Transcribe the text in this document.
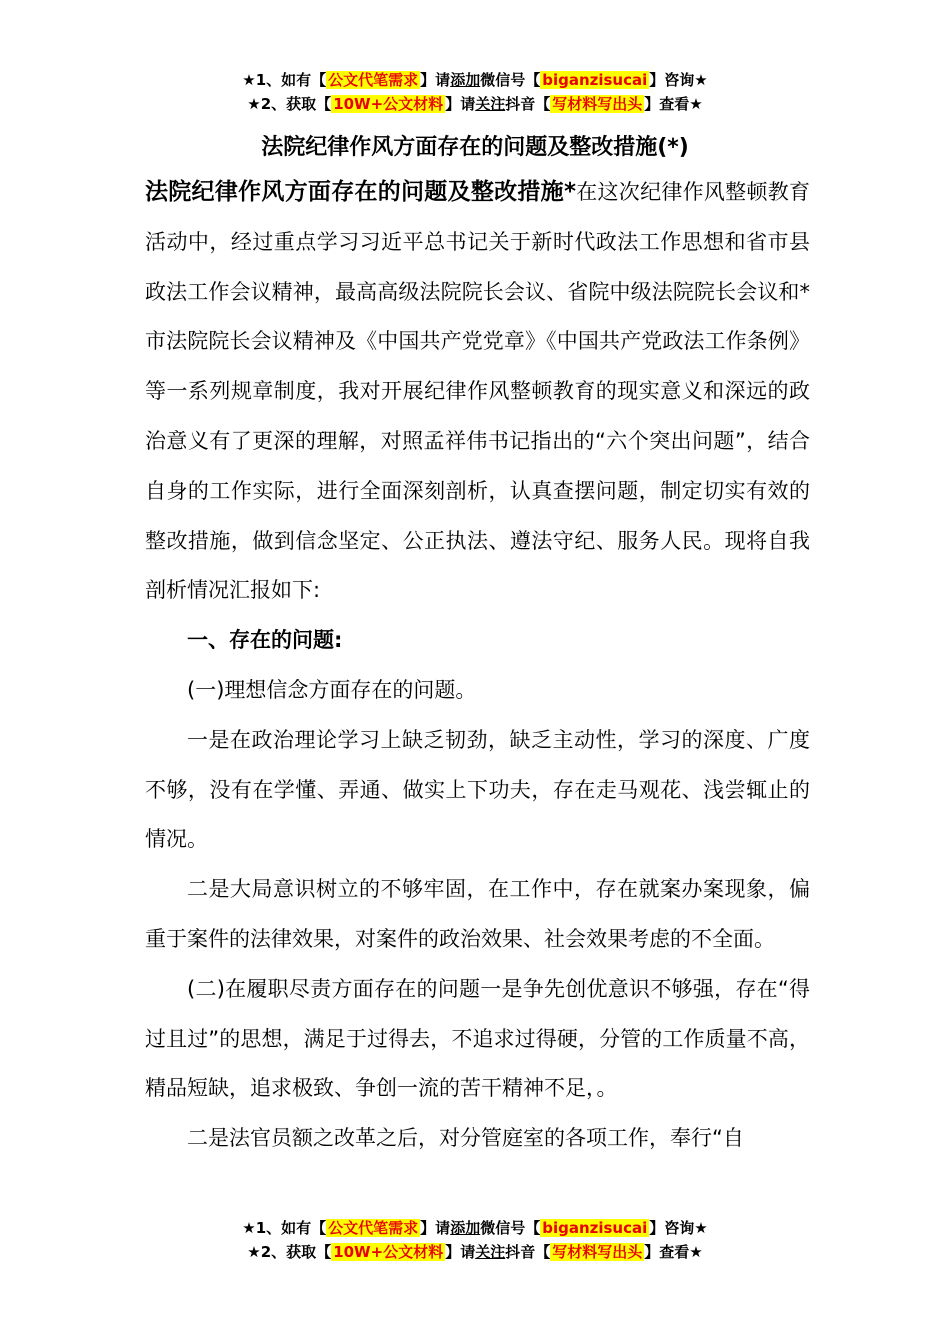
★1、如有【 公文代笔需求 】请添加微信号【 biganzisucai 】咨询★
★2、获取【 10W+公文材料 】请关注抖音【 写材料写出头 】查看★
法院纪律作风方面存在的问题及整改措施(*)

法院纪律作风方面存在的问题及整改措施*在这次纪律作风整顿教育活动中，经过重点学习习近平总书记关于新时代政法工作思想和省市县政法工作会议精神，最高高级法院院长会议、省院中级法院院长会议和*市法院院长会议精神及《中国共产党党章》《中国共产党政法工作条例》等一系列规章制度，我对开展纪律作风整顿教育的现实意义和深远的政治意义有了更深的理解，对照孟祥伟书记指出的“六个突出问题”，结合自身的工作实际，进行全面深刻剖析，认真查摆问题，制定切实有效的整改措施，做到信念坚定、公正执法、遵法守纪、服务人民。现将自我剖析情况汇报如下:

一、存在的问题:

(一)理想信念方面存在的问题。

一是在政治理论学习上缺乏韧劲，缺乏主动性，学习的深度、广度不够，没有在学懂、弄通、做实上下功夫，存在走马观花、浅尝辄止的情况。

二是大局意识树立的不够牢固，在工作中，存在就案办案现象，偏重于案件的法律效果，对案件的政治效果、社会效果考虑的不全面。

(二)在履职尽责方面存在的问题一是争先创优意识不够强，存在“得过且过”的思想，满足于过得去，不追求过得硬，分管的工作质量不高，精品短缺，追求极致、争创一流的苦干精神不足，。

二是法官员额之改革之后，对分管庭室的各项工作，奉行“自

★1、如有【 公文代笔需求 】请添加微信号【 biganzisucai 】咨询★
★2、获取【 10W+公文材料 】请关注抖音【 写材料写出头 】查看★
